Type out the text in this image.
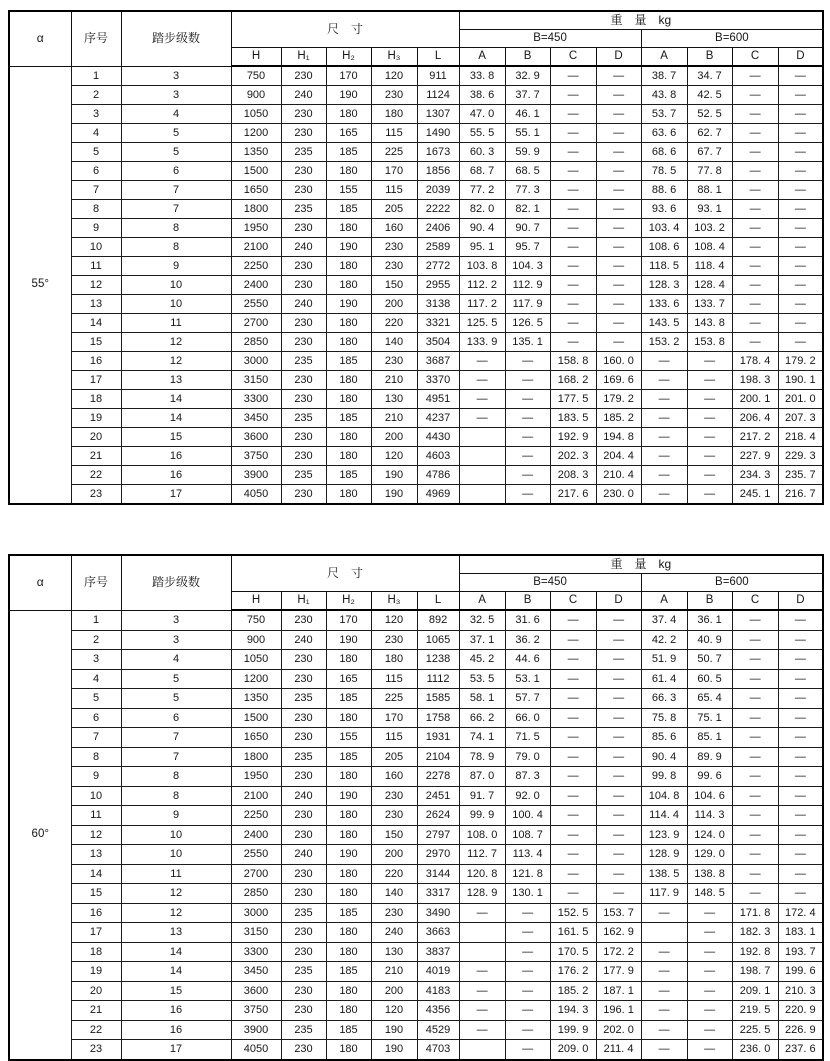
α	序号	踏步级数	尺　寸					重　量　kg							
								B=450				B=600			
			H	H₁	H₂	H₃	L	A	B	C	D	A	B	C	D
55°	1	3	750	230	170	120	911	33. 8	32. 9	—	—	38. 7	34. 7	—	—
	2	3	900	240	190	230	1124	38. 6	37. 7	—	—	43. 8	42. 5	—	—
	3	4	1050	230	180	180	1307	47. 0	46. 1	—	—	53. 7	52. 5	—	—
	4	5	1200	230	165	115	1490	55. 5	55. 1	—	—	63. 6	62. 7	—	—
	5	5	1350	235	185	225	1673	60. 3	59. 9	—	—	68. 6	67. 7	—	—
	6	6	1500	230	180	170	1856	68. 7	68. 5	—	—	78. 5	77. 8	—	—
	7	7	1650	230	155	115	2039	77. 2	77. 3	—	—	88. 6	88. 1	—	—
	8	7	1800	235	185	205	2222	82. 0	82. 1	—	—	93. 6	93. 1	—	—
	9	8	1950	230	180	160	2406	90. 4	90. 7	—	—	103. 4	103. 2	—	—
	10	8	2100	240	190	230	2589	95. 1	95. 7	—	—	108. 6	108. 4	—	—
	11	9	2250	230	180	230	2772	103. 8	104. 3	—	—	118. 5	118. 4	—	—
	12	10	2400	230	180	150	2955	112. 2	112. 9	—	—	128. 3	128. 4	—	—
	13	10	2550	240	190	200	3138	117. 2	117. 9	—	—	133. 6	133. 7	—	—
	14	11	2700	230	180	220	3321	125. 5	126. 5	—	—	143. 5	143. 8	—	—
	15	12	2850	230	180	140	3504	133. 9	135. 1	—	—	153. 2	153. 8	—	—
	16	12	3000	235	185	230	3687	—	—	158. 8	160. 0	—	—	178. 4	179. 2
	17	13	3150	230	180	210	3370	—	—	168. 2	169. 6	—	—	198. 3	190. 1
	18	14	3300	230	180	130	4951	—	—	177. 5	179. 2	—	—	200. 1	201. 0
	19	14	3450	235	185	210	4237	—	—	183. 5	185. 2	—	—	206. 4	207. 3
	20	15	3600	230	180	200	4430		—	192. 9	194. 8	—	—	217. 2	218. 4
	21	16	3750	230	180	120	4603		—	202. 3	204. 4	—	—	227. 9	229. 3
	22	16	3900	235	185	190	4786		—	208. 3	210. 4	—	—	234. 3	235. 7
	23	17	4050	230	180	190	4969		—	217. 6	230. 0	—	—	245. 1	216. 7
α	序号	踏步级数	尺　寸					重　量　kg							
								B=450				B=600			
			H	H₁	H₂	H₃	L	A	B	C	D	A	B	C	D
60°	1	3	750	230	170	120	892	32. 5	31. 6	—	—	37. 4	36. 1	—	—
	2	3	900	240	190	230	1065	37. 1	36. 2	—	—	42. 2	40. 9	—	—
	3	4	1050	230	180	180	1238	45. 2	44. 6	—	—	51. 9	50. 7	—	—
	4	5	1200	230	165	115	1112	53. 5	53. 1	—	—	61. 4	60. 5	—	—
	5	5	1350	235	185	225	1585	58. 1	57. 7	—	—	66. 3	65. 4	—	—
	6	6	1500	230	180	170	1758	66. 2	66. 0	—	—	75. 8	75. 1	—	—
	7	7	1650	230	155	115	1931	74. 1	71. 5	—	—	85. 6	85. 1	—	—
	8	7	1800	235	185	205	2104	78. 9	79. 0	—	—	90. 4	89. 9	—	—
	9	8	1950	230	180	160	2278	87. 0	87. 3	—	—	99. 8	99. 6	—	—
	10	8	2100	240	190	230	2451	91. 7	92. 0	—	—	104. 8	104. 6	—	—
	11	9	2250	230	180	230	2624	99. 9	100. 4	—	—	114. 4	114. 3	—	—
	12	10	2400	230	180	150	2797	108. 0	108. 7	—	—	123. 9	124. 0	—	—
	13	10	2550	240	190	200	2970	112. 7	113. 4	—	—	128. 9	129. 0	—	—
	14	11	2700	230	180	220	3144	120. 8	121. 8	—	—	138. 5	138. 8	—	—
	15	12	2850	230	180	140	3317	128. 9	130. 1	—	—	117. 9	148. 5	—	—
	16	12	3000	235	185	230	3490	—	—	152. 5	153. 7	—	—	171. 8	172. 4
	17	13	3150	230	180	240	3663		—	161. 5	162. 9		—	182. 3	183. 1
	18	14	3300	230	180	130	3837		—	170. 5	172. 2	—	—	192. 8	193. 7
	19	14	3450	235	185	210	4019	—	—	176. 2	177. 9	—	—	198. 7	199. 6
	20	15	3600	230	180	200	4183	—	—	185. 2	187. 1	—	—	209. 1	210. 3
	21	16	3750	230	180	120	4356	—	—	194. 3	196. 1	—	—	219. 5	220. 9
	22	16	3900	235	185	190	4529	—	—	199. 9	202. 0	—	—	225. 5	226. 9
	23	17	4050	230	180	190	4703		—	209. 0	211. 4	—	—	236. 0	237. 6
